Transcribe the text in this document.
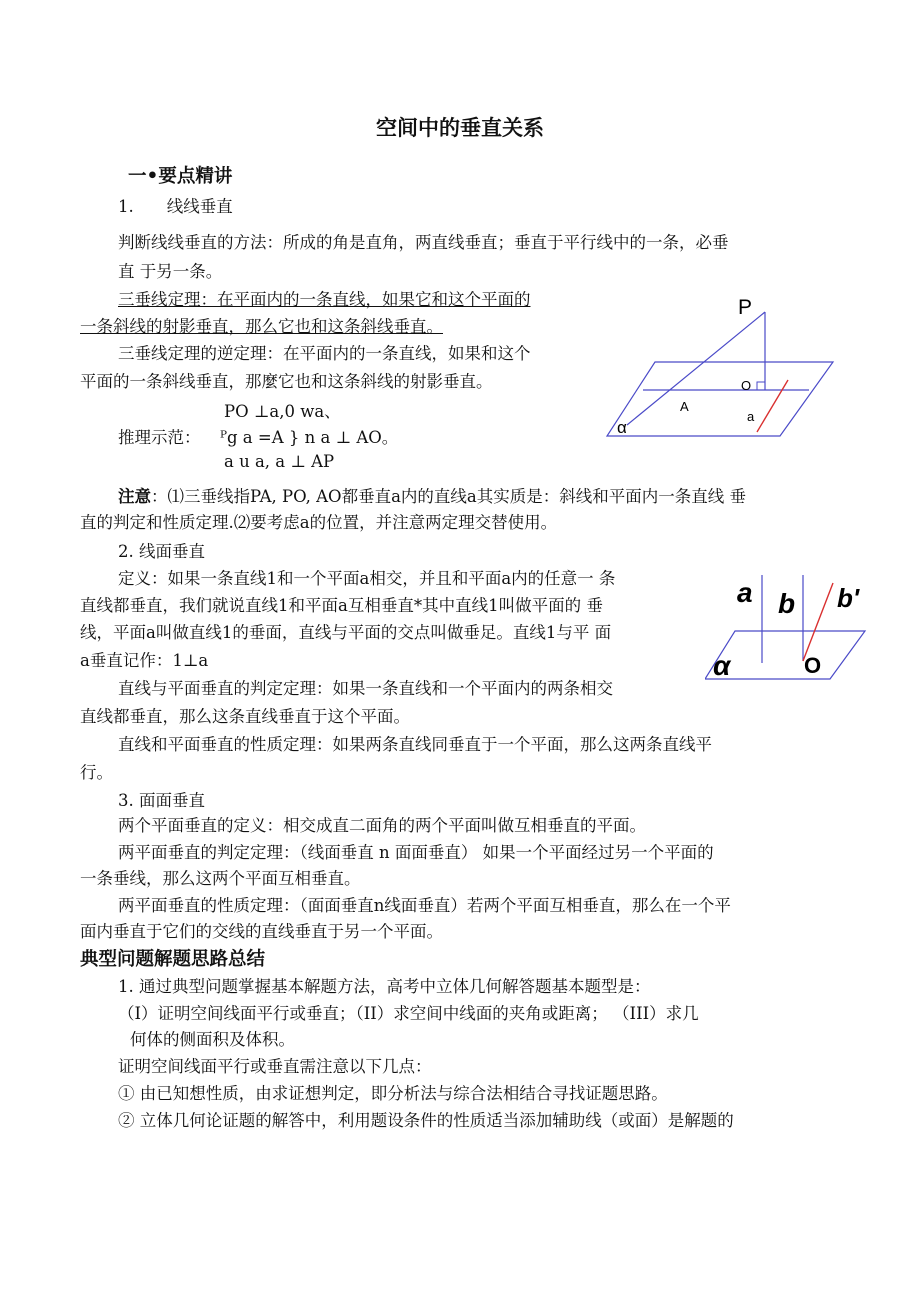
空间中的垂直关系
一•要点精讲
1.　　线线垂直
判断线线垂直的方法：所成的角是直角，两直线垂直；垂直于平行线中的一条，必垂
直 于另一条。
三垂线定理：在平面内的一条直线，如果它和这个平面的
一条斜线的射影垂直，那么它也和这条斜线垂直。
三垂线定理的逆定理：在平面内的一条直线，如果和这个
平面的一条斜线垂直，那麼它也和这条斜线的射影垂直。
PO ⊥a,0 wa、
推理示范： ᴾg a =A } n a ⊥ AO。
a u a, a ⊥ AP
注意：⑴三垂线指PA, PO, AO都垂直a内的直线a其实质是：斜线和平面内一条直线 垂
直的判定和性质定理.⑵要考虑a的位置，并注意两定理交替使用。
2. 线面垂直
定义：如果一条直线1和一个平面a相交，并且和平面a内的任意一 条
直线都垂直，我们就说直线1和平面a互相垂直*其中直线1叫做平面的 垂
线，平面a叫做直线1的垂面，直线与平面的交点叫做垂足。直线1与平 面
a垂直记作：1⊥a
直线与平面垂直的判定定理：如果一条直线和一个平面内的两条相交
直线都垂直，那么这条直线垂直于这个平面。
直线和平面垂直的性质定理：如果两条直线同垂直于一个平面，那么这两条直线平
行。
3. 面面垂直
两个平面垂直的定义：相交成直二面角的两个平面叫做互相垂直的平面。
两平面垂直的判定定理：（线面垂直 n 面面垂直） 如果一个平面经过另一个平面的
一条垂线，那么这两个平面互相垂直。
两平面垂直的性质定理：（面面垂直n线面垂直）若两个平面互相垂直，那么在一个平
面内垂直于它们的交线的直线垂直于另一个平面。
典型问题解题思路总结
1. 通过典型问题掌握基本解题方法，高考中立体几何解答题基本题型是：
（I）证明空间线面平行或垂直；（II）求空间中线面的夹角或距离； （III）求几
何体的侧面积及体积。
证明空间线面平行或垂直需注意以下几点：
① 由已知想性质，由求证想判定，即分析法与综合法相结合寻找证题思路。
② 立体几何论证题的解答中，利用题设条件的性质适当添加辅助线（或面）是解题的
P
O
A
a
α
a b b'
α	O
